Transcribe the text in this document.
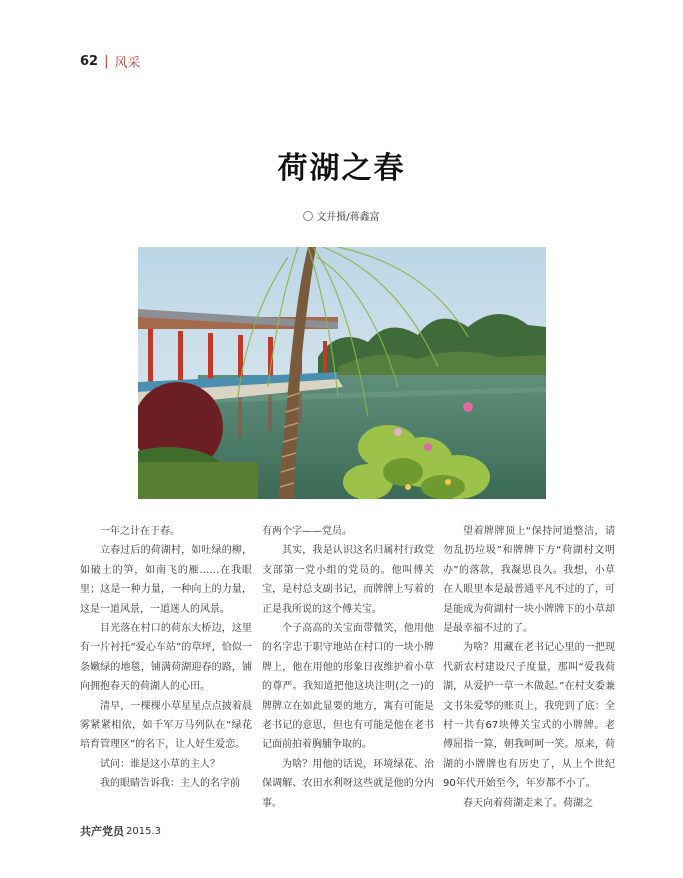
62 | 风采
荷湖之春
文并摄/蒋鑫富

一年之计在于春。

立春过后的荷湖村，如吐绿的柳，如破土的笋，如南飞的雁……在我眼里；这是一种力量，一种向上的力量，这是一道风景，一道迷人的风景。

目光落在村口的荷东大桥边，这里有一片衬托“爱心车站”的草坪，恰似一条嫩绿的地毯，铺满荷湖迎春的路，铺向拥抱春天的荷湖人的心田。

清早，一棵棵小草星星点点披着晨雾紧紧相依，如千军万马列队在“绿花培育管理区”的名下，让人好生爱恋。

试问：谁是这小草的主人？

我的眼睛告诉我：主人的名字前

有两个字——党员。

其实，我是认识这名归属村行政党支部第一党小组的党员的。他叫傅关宝，是村总支副书记，而牌牌上写着的正是我所说的这个傅关宝。

个子高高的关宝面带微笑，他用他的名字忠于职守地站在村口的一块小牌牌上，他在用他的形象日夜维护着小草的尊严。我知道把他这块注明(之一)的牌牌立在如此显要的地方，寓有可能是老书记的意思，但也有可能是他在老书记面前拍着胸脯争取的。

为啥？用他的话说，环境绿花、治保调解、农田水利呀这些就是他的分内事。

望着牌牌顶上“保持河道整洁，请勿乱扔垃圾”和牌牌下方“荷湖村文明办”的落款，我凝思良久。我想，小草在人眼里本是最普通平凡不过的了，可是能成为荷湖村一块小牌牌下的小草却是最幸福不过的了。

为啥？用藏在老书记心里的一把现代新农村建设尺子度量，那叫“爱我荷湖，从爱护一草一木做起。”在村支委兼文书朱爱琴的账页上，我兜到了底：全村一共有67块傅关宝式的小牌牌。老傅屈指一算，朝我呵呵一笑。原来，荷湖的小牌牌也有历史了，从上个世纪90年代开始至今，年岁都不小了。

春天向着荷湖走来了。荷湖之

共产党员 2015.3
